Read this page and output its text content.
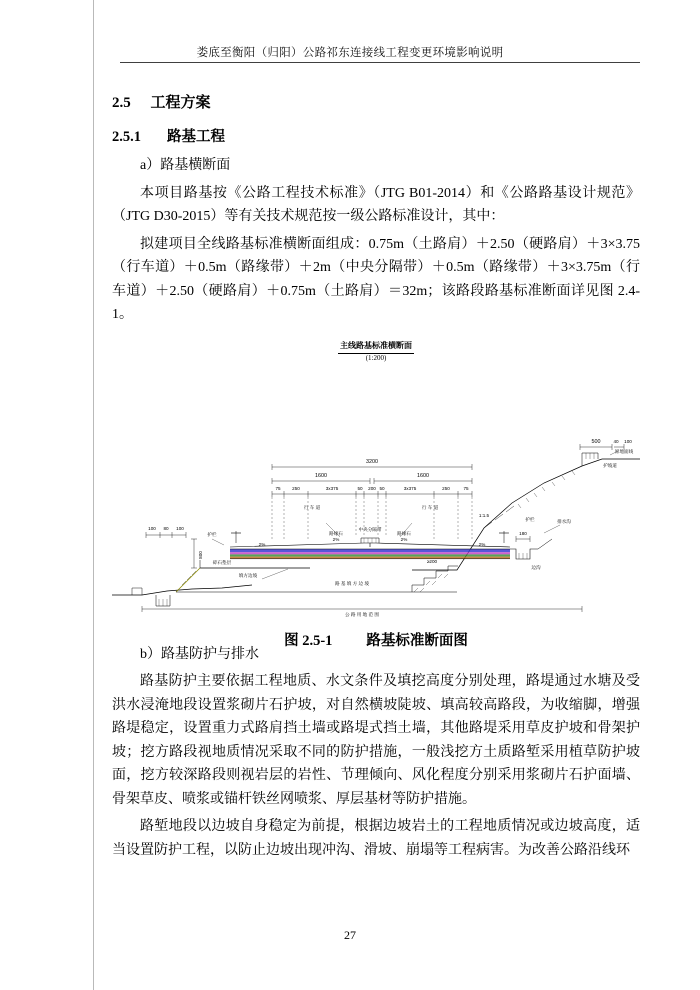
娄底至衡阳（归阳）公路祁东连接线工程变更环境影响说明
2.5 工程方案
2.5.1 路基工程

a）路基横断面

本项目路基按《公路工程技术标准》（JTG B01-2014）和《公路路基设计规范》（JTG D30-2015）等有关技术规范按一级公路标准设计，其中：

拟建项目全线路基标准横断面组成：0.75m（土路肩）＋2.50（硬路肩）＋3×3.75（行车道）＋0.5m（路缘带）＋2m（中央分隔带）＋0.5m（路缘带）＋3×3.75m（行车道）＋2.50（硬路肩）＋0.75m（土路肩）＝32m；该路段路基标准断面详见图 2.4-1。

主线路基标准横断面
(1:200)
3200
1600	1600
75	250	3x375	50 200 50	3x375	250	75
500	40 100
100 80 100
180
行 车 道	行 车 道
中央分隔带
2%	2%
2%	2%
公 路 用 地 范 围
路 基 填 方 边 坡
填方边坡
碎石垫层
护栏
护栏
路缘石	路缘石
排水沟
边沟
原地面线
≥200
1:1.5
800
护坡道
图 2.5-1 路基标准断面图

b）路基防护与排水

路基防护主要依据工程地质、水文条件及填挖高度分别处理，路堤通过水塘及受洪水浸淹地段设置浆砌片石护坡，对自然横坡陡坡、填高较高路段，为收缩脚，增强路堤稳定，设置重力式路肩挡土墙或路堤式挡土墙，其他路堤采用草皮护坡和骨架护坡；挖方路段视地质情况采取不同的防护措施，一般浅挖方土质路堑采用植草防护坡面，挖方较深路段则视岩层的岩性、节理倾向、风化程度分别采用浆砌片石护面墙、骨架草皮、喷浆或锚杆铁丝网喷浆、厚层基材等防护措施。

路堑地段以边坡自身稳定为前提，根据边坡岩土的工程地质情况或边坡高度，适当设置防护工程，以防止边坡出现冲沟、滑坡、崩塌等工程病害。为改善公路沿线环

27
